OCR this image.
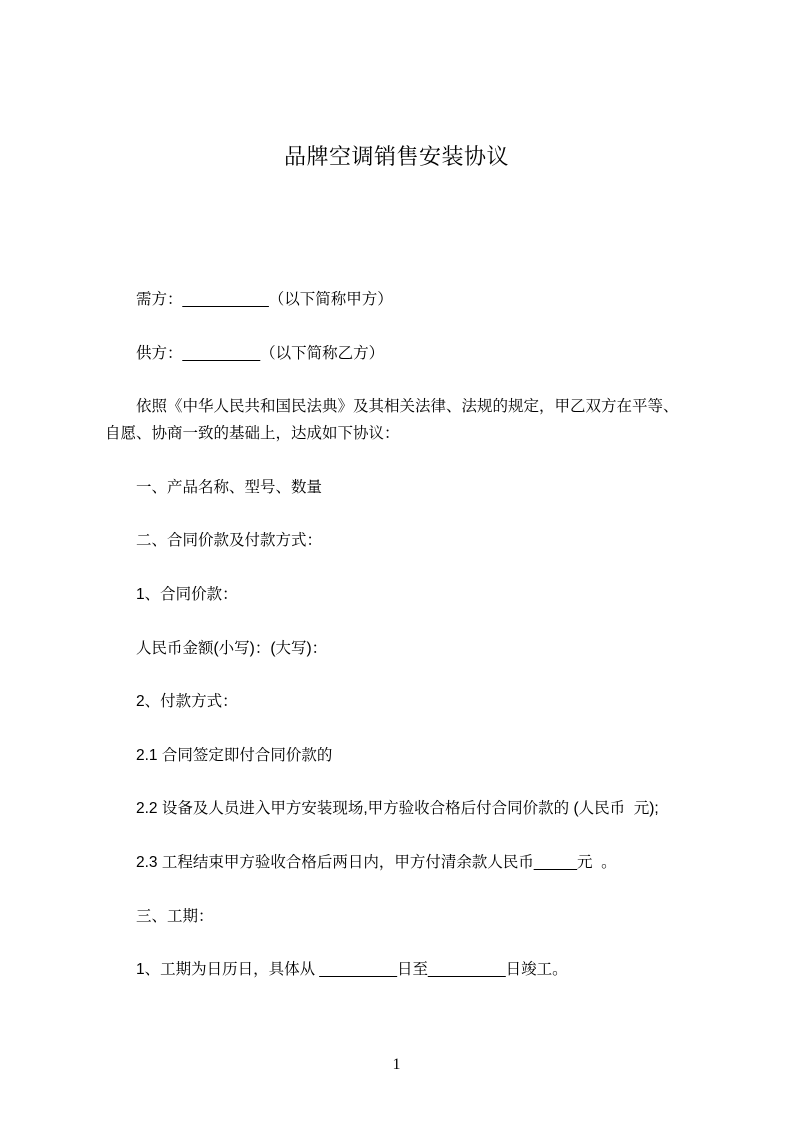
品牌空调销售安装协议

需方：__________（以下简称甲方）

供方：_________（以下简称乙方）

依照《中华人民共和国民法典》及其相关法律、法规的规定，甲乙双方在平等、自愿、协商一致的基础上，达成如下协议：

一、产品名称、型号、数量

二、合同价款及付款方式：

1、合同价款：

人民币金额(小写)：(大写)：

2、付款方式：

2.1 合同签定即付合同价款的

2.2 设备及人员进入甲方安装现场,甲方验收合格后付合同价款的 (人民币  元);

2.3 工程结束甲方验收合格后两日内，甲方付清余款人民币_____元  。

三、工期：

1、工期为日历日，具体从 _________日至_________日竣工。

1
